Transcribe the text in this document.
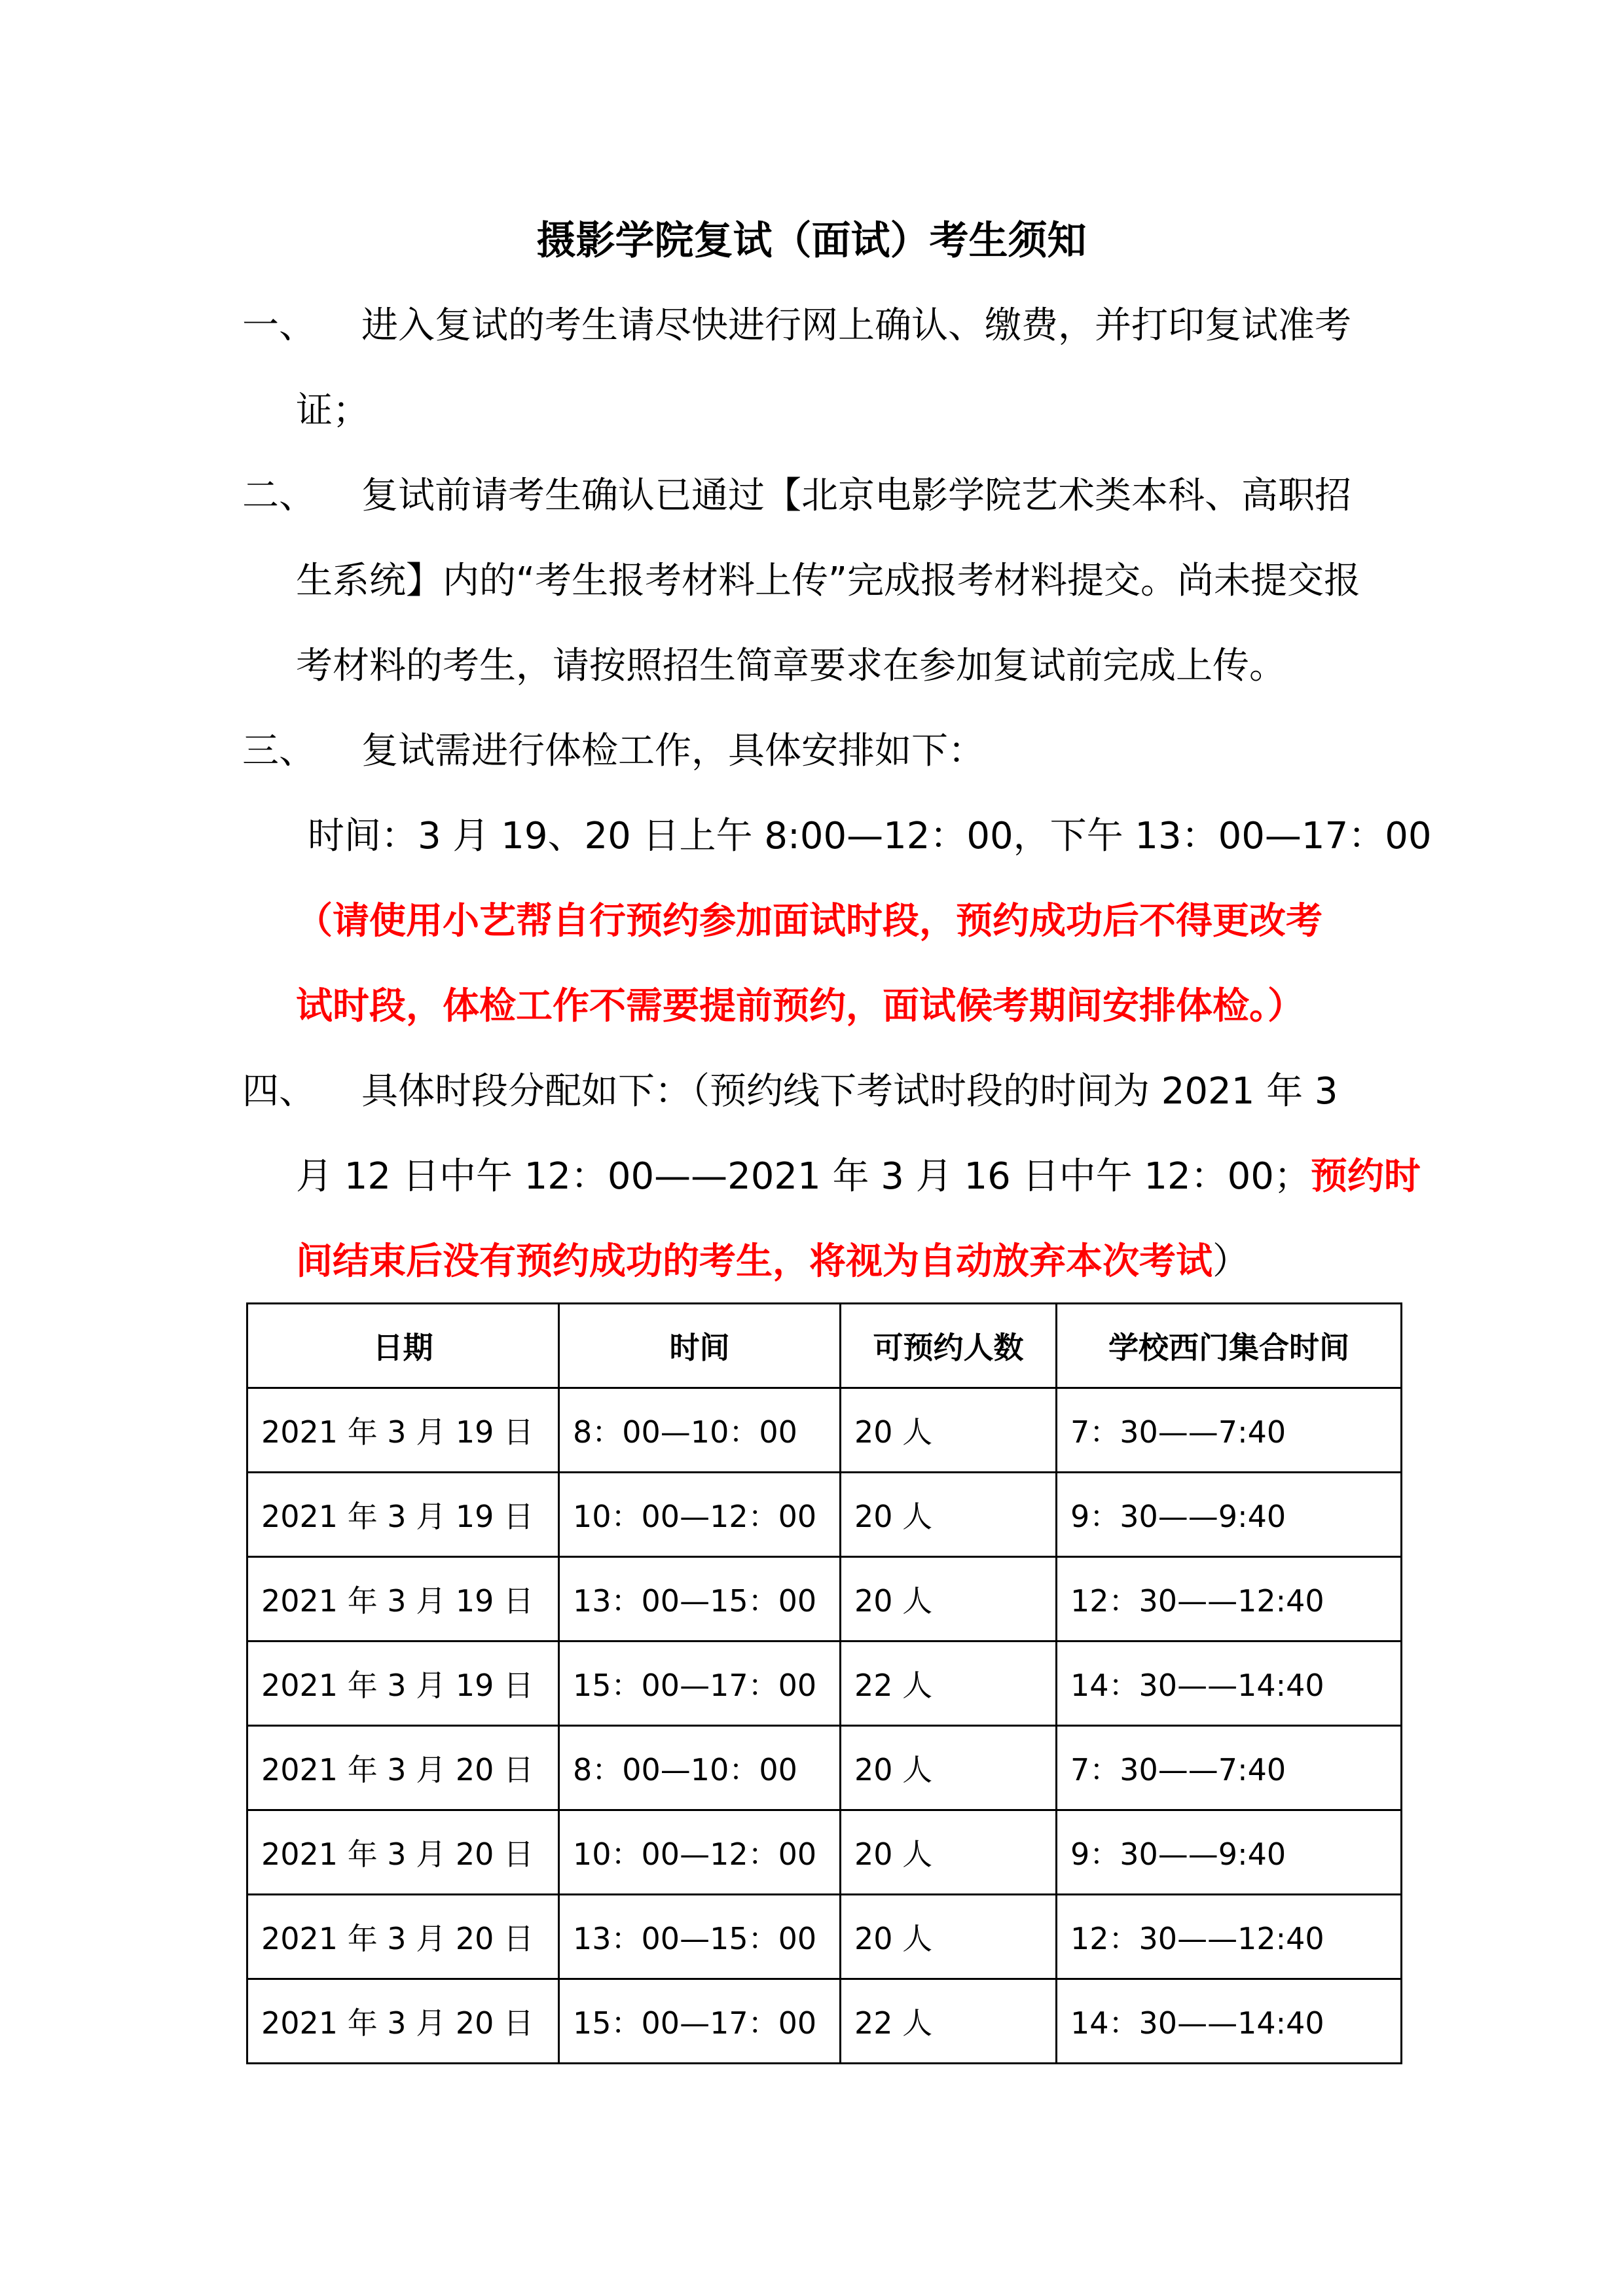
摄影学院复试（面试）考生须知
一、 进入复试的考生请尽快进行网上确认、缴费，并打印复试准考
证；
二、 复试前请考生确认已通过【北京电影学院艺术类本科、高职招
生系统】内的“考生报考材料上传”完成报考材料提交。尚未提交报
考材料的考生，请按照招生简章要求在参加复试前完成上传。
三、 复试需进行体检工作，具体安排如下：
时间：3 月 19、20 日上午 8:00—12：00，下午 13：00—17：00
（请使用小艺帮自行预约参加面试时段，预约成功后不得更改考
试时段，体检工作不需要提前预约，面试候考期间安排体检。）
四、 具体时段分配如下：（预约线下考试时段的时间为 2021 年 3
月 12 日中午 12：00——2021 年 3 月 16 日中午 12：00；预约时
间结束后没有预约成功的考生，将视为自动放弃本次考试）
日期	时间	可预约人数	学校西门集合时间
2021 年 3 月 19 日	8：00—10：00	20 人	7：30——7:40
2021 年 3 月 19 日	10：00—12：00	20 人	9：30——9:40
2021 年 3 月 19 日	13：00—15：00	20 人	12：30——12:40
2021 年 3 月 19 日	15：00—17：00	22 人	14：30——14:40
2021 年 3 月 20 日	8：00—10：00	20 人	7：30——7:40
2021 年 3 月 20 日	10：00—12：00	20 人	9：30——9:40
2021 年 3 月 20 日	13：00—15：00	20 人	12：30——12:40
2021 年 3 月 20 日	15：00—17：00	22 人	14：30——14:40
